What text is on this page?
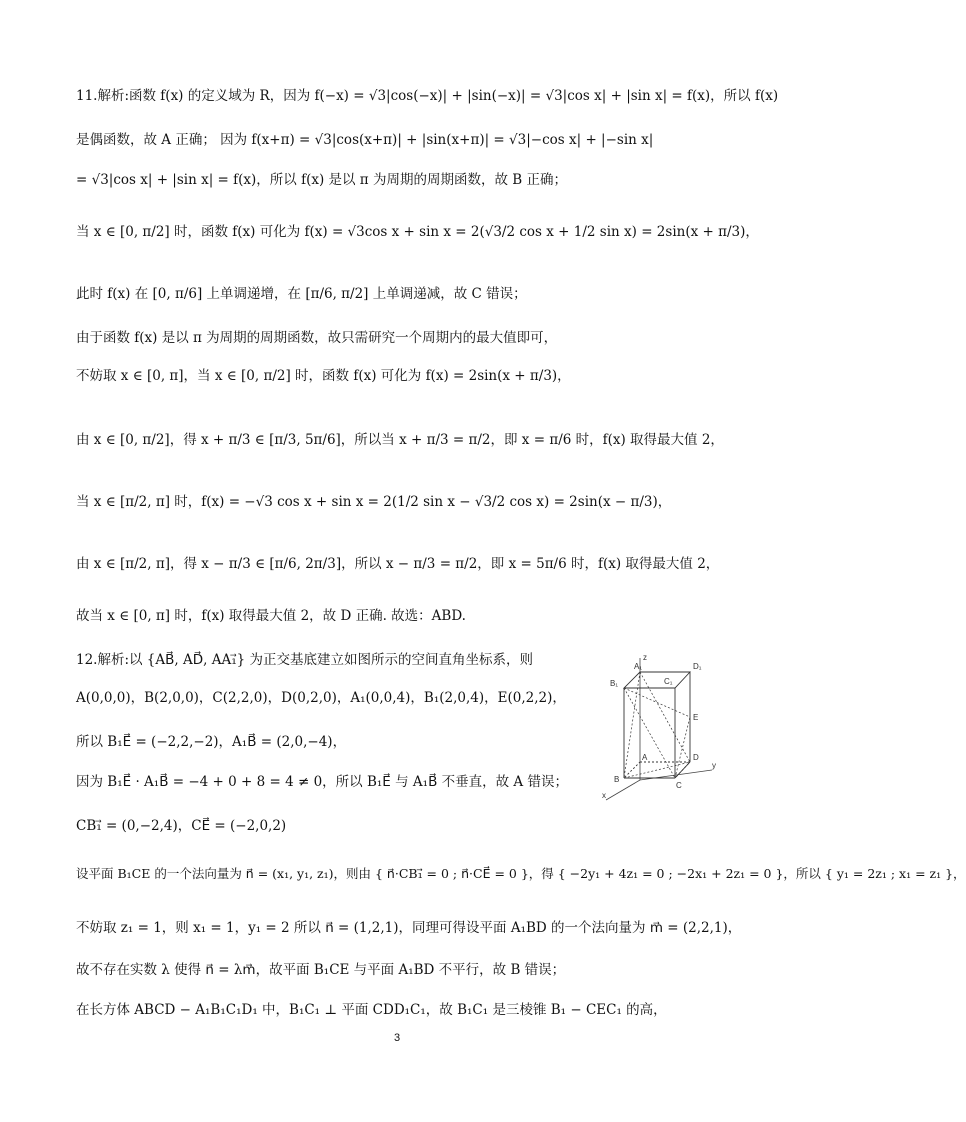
11.解析:函数 f(x) 的定义域为 R，因为 f(−x) = √3|cos(−x)| + |sin(−x)| = √3|cos x| + |sin x| = f(x)，所以 f(x)
是偶函数，故 A 正确； 因为 f(x+π) = √3|cos(x+π)| + |sin(x+π)| = √3|−cos x| + |−sin x|
= √3|cos x| + |sin x| = f(x)，所以 f(x) 是以 π 为周期的周期函数，故 B 正确；
当 x ∈ [0, π/2] 时，函数 f(x) 可化为 f(x) = √3cos x + sin x = 2(√3/2 cos x + 1/2 sin x) = 2sin(x + π/3)，
此时 f(x) 在 [0, π/6] 上单调递增，在 [π/6, π/2] 上单调递减，故 C 错误；
由于函数 f(x) 是以 π 为周期的周期函数，故只需研究一个周期内的最大值即可，
不妨取 x ∈ [0, π]，当 x ∈ [0, π/2] 时，函数 f(x) 可化为 f(x) = 2sin(x + π/3)，
由 x ∈ [0, π/2]，得 x + π/3 ∈ [π/3, 5π/6]，所以当 x + π/3 = π/2，即 x = π/6 时，f(x) 取得最大值 2，
当 x ∈ [π/2, π] 时，f(x) = −√3 cos x + sin x = 2(1/2 sin x − √3/2 cos x) = 2sin(x − π/3)，
由 x ∈ [π/2, π]，得 x − π/3 ∈ [π/6, 2π/3]，所以 x − π/3 = π/2，即 x = 5π/6 时，f(x) 取得最大值 2，
故当 x ∈ [0, π] 时，f(x) 取得最大值 2，故 D 正确. 故选：ABD.
12.解析:以 {AB⃗, AD⃗, AA₁⃗} 为正交基底建立如图所示的空间直角坐标系，则
A(0,0,0)，B(2,0,0)，C(2,2,0)，D(0,2,0)，A₁(0,0,4)，B₁(2,0,4)，E(0,2,2)，
所以 B₁E⃗ = (−2,2,−2)，A₁B⃗ = (2,0,−4)，
因为 B₁E⃗ · A₁B⃗ = −4 + 0 + 8 = 4 ≠ 0，所以 B₁E⃗ 与 A₁B⃗ 不垂直，故 A 错误；
CB₁⃗ = (0,−2,4)，CE⃗ = (−2,0,2)
设平面 B₁CE 的一个法向量为 n⃗ = (x₁, y₁, z₁)，则由 { n⃗·CB₁⃗ = 0 ; n⃗·CE⃗ = 0 }，得 { −2y₁ + 4z₁ = 0 ; −2x₁ + 2z₁ = 0 }，所以 { y₁ = 2z₁ ; x₁ = z₁ }，
不妨取 z₁ = 1，则 x₁ = 1，y₁ = 2 所以 n⃗ = (1,2,1)，同理可得设平面 A₁BD 的一个法向量为 m⃗ = (2,2,1)，
故不存在实数 λ 使得 n⃗ = λm⃗，故平面 B₁CE 与平面 A₁BD 不平行，故 B 错误；
在长方体 ABCD − A₁B₁C₁D₁ 中，B₁C₁ ⊥ 平面 CDD₁C₁，故 B₁C₁ 是三棱锥 B₁ − CEC₁ 的高，
z
A₁	D₁
B₁	C₁
E
A	D
y
B
C
x
3
